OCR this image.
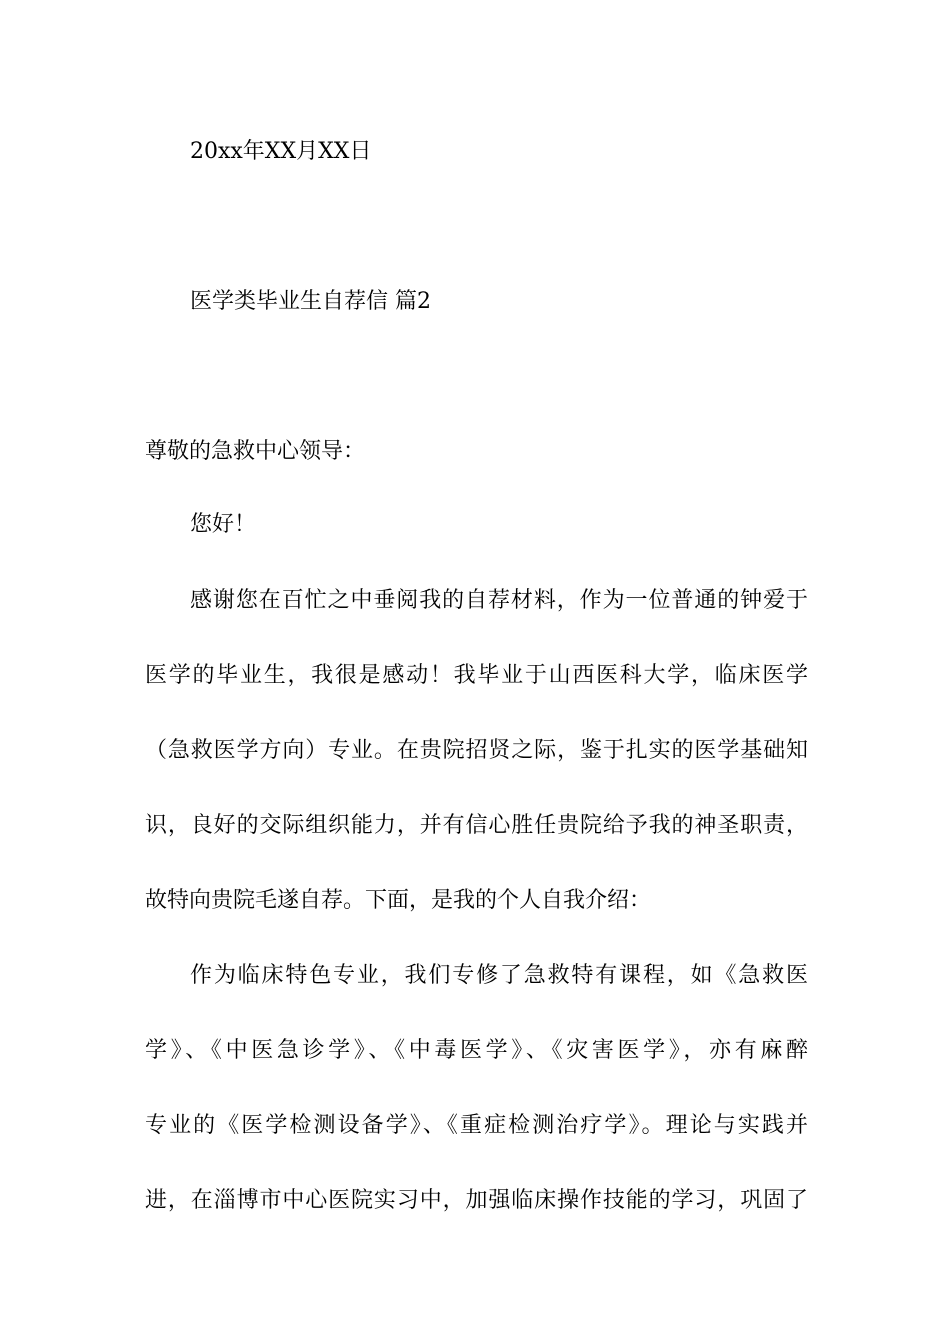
20xx年XX月XX日
医学类毕业生自荐信 篇2
尊敬的急救中心领导：
您好！
感谢您在百忙之中垂阅我的自荐材料，作为一位普通的钟爱于
医学的毕业生，我很是感动！我毕业于山西医科大学，临床医学
（急救医学方向）专业。在贵院招贤之际，鉴于扎实的医学基础知
识，良好的交际组织能力，并有信心胜任贵院给予我的神圣职责，
故特向贵院毛遂自荐。下面，是我的个人自我介绍：
作为临床特色专业，我们专修了急救特有课程，如《急救医
学》、《中医急诊学》、《中毒医学》、《灾害医学》，亦有麻醉
专业的《医学检测设备学》、《重症检测治疗学》。理论与实践并
进，在淄博市中心医院实习中，加强临床操作技能的学习，巩固了
